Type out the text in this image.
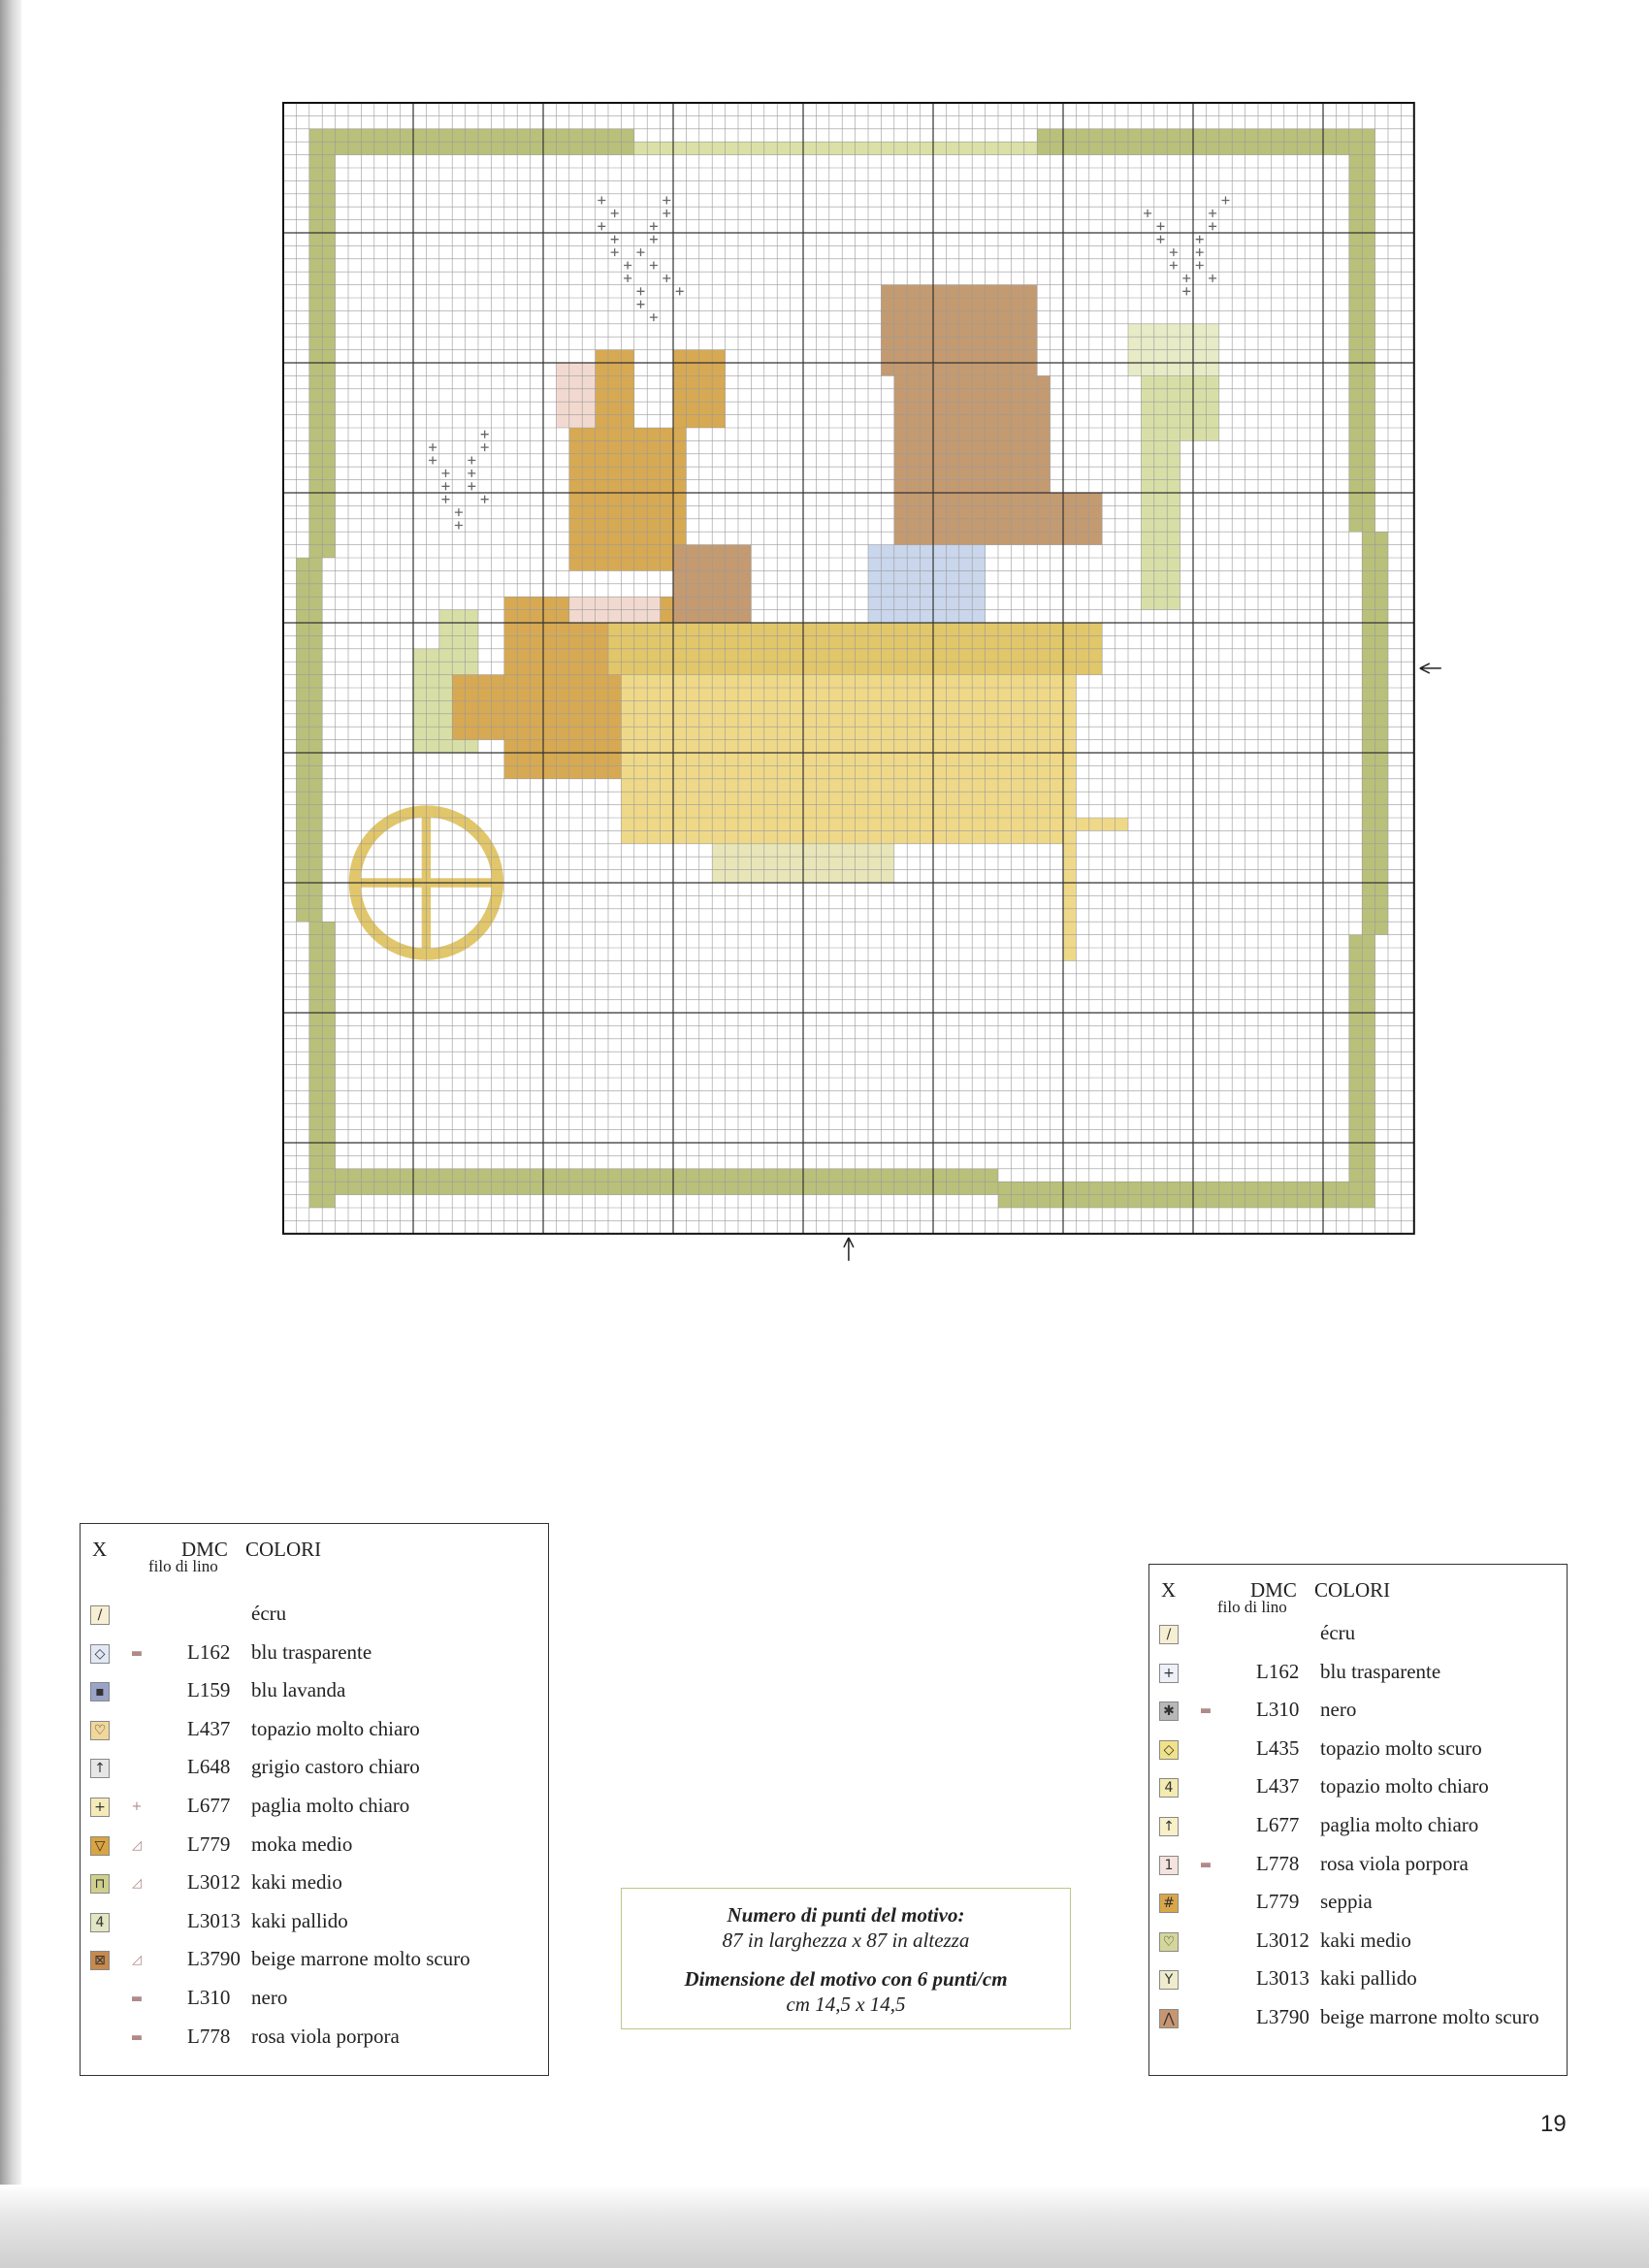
X	DMC COLORI
filo di lino
/	écru
◇	▬ L162 blu trasparente
▪	L159 blu lavanda
♡	L437 topazio molto chiaro
↑	L648 grigio castoro chiaro
+	+ L677 paglia molto chiaro
▽	◿ L779 moka medio
⊓	◿ L3012 kaki medio
4	L3013 kaki pallido
⊠	◿ L3790 beige marrone molto scuro
▬ L310 nero
▬ L778 rosa viola porpora
X	DMC COLORI
filo di lino
/	écru
+	L162 blu trasparente
✱	▬ L310 nero
◇	L435 topazio molto scuro
4	L437 topazio molto chiaro
↑	L677 paglia molto chiaro
1	▬ L778 rosa viola porpora
#	L779 seppia
♡	L3012 kaki medio
Y	L3013 kaki pallido
⋀	L3790 beige marrone molto scuro
Numero di punti del motivo:
87 in larghezza x 87 in altezza
Dimensione del motivo con 6 punti/cm
cm 14,5 x 14,5
19
